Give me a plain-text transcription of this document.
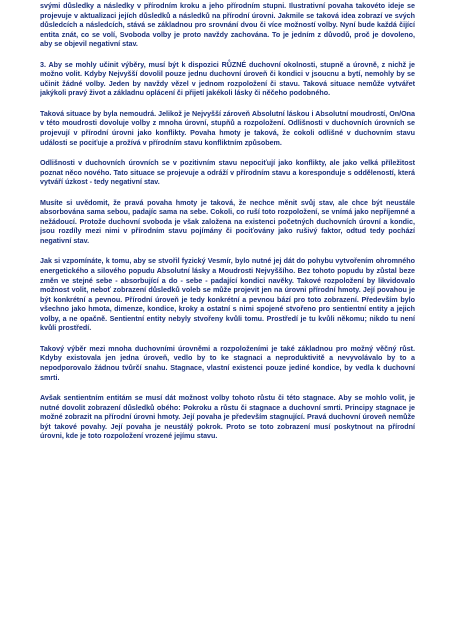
svými důsledky a následky v přírodním kroku a jeho přírodním stupni. Ilustrativní povaha takovéto ideje se projevuje v aktualizaci jejích důsledků a následků na přírodní úrovni. Jakmile se taková idea zobrazí ve svých důsledcích a následcích, stává se základnou pro srovnání dvou či více možností volby. Nyní bude každá čijící entita znát, co se volí, Svoboda volby je proto navždy zachována. To je jedním z důvodů, proč je dovoleno, aby se objevil negativní stav.

3. Aby se mohly učinit výběry, musí být k dispozici RŮZNÉ duchovní okolnosti, stupně a úrovně, z nichž je možno volit. Kdyby Nejvyšší dovolil pouze jednu duchovní úroveň či kondici v jsoucnu a bytí, nemohly by se učinit žádné volby. Jeden by navždy vězel v jednom rozpoložení či stavu. Taková situace nemůže vytvářet jakýkoli pravý život a základnu oplácení či přijetí jakékoli lásky či něčeho podobného.

Taková situace by byla nemoudrá. Jelikož je Nejvyšší zároveň Absolutní láskou i Absolutní moudrostí, On/Ona v této moudrosti dovoluje volby z mnoha úrovní, stupňů a rozpoložení. Odlišnosti v duchovních úrovních se projevují v přírodní úrovni jako konflikty. Povaha hmoty je taková, že cokoli odlišné v duchovním stavu události se pociťuje a prožívá v přírodním stavu konfliktním způsobem.

Odlišnosti v duchovních úrovních se v pozitivním stavu nepociťují jako konflikty, ale jako velká příležitost poznat něco nového. Tato situace se projevuje a odráží v přírodním stavu a koresponduje s odděleností, která vytváří úzkost - tedy negativní stav.

Musíte si uvědomit, že pravá povaha hmoty je taková, že nechce měnit svůj stav, ale chce být neustále absorbována sama sebou, padajíc sama na sebe. Cokoli, co ruší toto rozpoložení, se vnímá jako nepříjemné a nežádoucí. Protože duchovní svoboda je však založena na existenci početných duchovních úrovní a kondic, jsou rozdíly mezi nimi v přírodním stavu pojímány či pociťovány jako rušivý faktor, odtud tedy pochází negativní stav.

Jak si vzpomínáte, k tomu, aby se stvořil fyzický Vesmír, bylo nutné jej dát do pohybu vytvořením ohromného energetického a silového popudu Absolutní lásky a Moudrosti Nejvyššího. Bez tohoto popudu by zůstal beze změn ve stejné sebe - absorbující a do - sebe - padající kondici navěky. Takové rozpoložení by likvidovalo možnost volit, neboť zobrazení důsledků voleb se může projevit jen na úrovni přírodní hmoty. Její povahou je být konkrétní a pevnou. Přírodní úroveň je tedy konkrétní a pevnou bází pro toto zobrazení. Především bylo všechno jako hmota, dimenze, kondice, kroky a ostatní s nimi spojené stvořeno pro sentientní entity a jejich volby, a ne opačně. Sentientní entity nebyly stvořeny kvůli tomu. Prostředí je tu kvůli někomu; nikdo tu není kvůli prostředí.

Takový výběr mezi mnoha duchovními úrovněmi a rozpoloženími je také základnou pro možný věčný růst. Kdyby existovala jen jedna úroveň, vedlo by to ke stagnaci a neproduktivitě a nevyvolávalo by to a nepodporovalo žádnou tvůrčí snahu. Stagnace, vlastní existenci pouze jediné kondice, by vedla k duchovní smrti.

Avšak sentientním entitám se musí dát možnost volby tohoto růstu či této stagnace. Aby se mohlo volit, je nutné dovolit zobrazení důsledků obého: Pokroku a růstu či stagnace a duchovní smrti. Principy stagnace je možné zobrazit na přírodní úrovni hmoty. Její povaha je především stagnující. Pravá duchovní úroveň nemůže být takové povahy. Její povaha je neustálý pokrok. Proto se toto zobrazení musí poskytnout na přírodní úrovni, kde je toto rozpoložení vrozené jejímu stavu.
